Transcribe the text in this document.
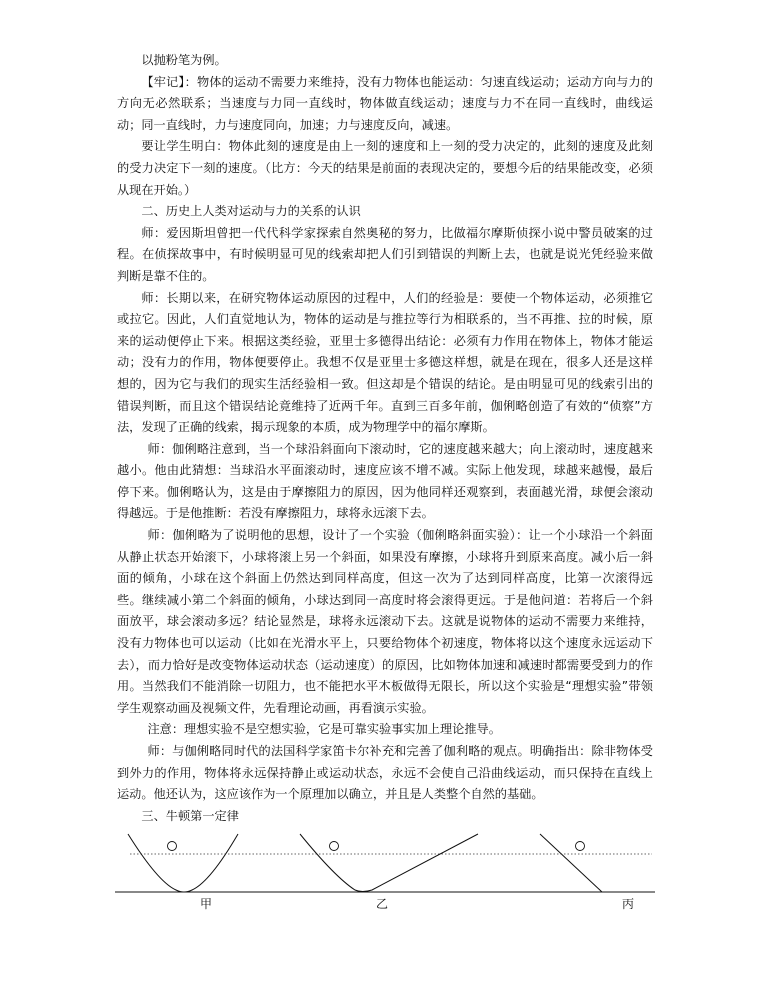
以抛粉笔为例。

【牢记】：物体的运动不需要力来维持，没有力物体也能运动：匀速直线运动；运动方向与力的方向无必然联系；当速度与力同一直线时，物体做直线运动；速度与力不在同一直线时，曲线运动；同一直线时，力与速度同向，加速；力与速度反向，减速。

要让学生明白：物体此刻的速度是由上一刻的速度和上一刻的受力决定的，此刻的速度及此刻的受力决定下一刻的速度。（比方：今天的结果是前面的表现决定的，要想今后的结果能改变，必须从现在开始。）

二、历史上人类对运动与力的关系的认识

师：爱因斯坦曾把一代代科学家探索自然奥秘的努力，比做福尔摩斯侦探小说中警员破案的过程。在侦探故事中，有时候明显可见的线索却把人们引到错误的判断上去，也就是说光凭经验来做判断是靠不住的。

师：长期以来，在研究物体运动原因的过程中，人们的经验是：要使一个物体运动，必须推它或拉它。因此，人们直觉地认为，物体的运动是与推拉等行为相联系的，当不再推、拉的时候，原来的运动便停止下来。根据这类经验，亚里士多德得出结论：必须有力作用在物体上，物体才能运动；没有力的作用，物体便要停止。我想不仅是亚里士多德这样想，就是在现在，很多人还是这样想的，因为它与我们的现实生活经验相一致。但这却是个错误的结论。是由明显可见的线索引出的错误判断，而且这个错误结论竟维持了近两千年。直到三百多年前，伽俐略创造了有效的“侦察”方法，发现了正确的线索，揭示现象的本质，成为物理学中的福尔摩斯。

师：伽俐略注意到，当一个球沿斜面向下滚动时，它的速度越来越大；向上滚动时，速度越来越小。他由此猜想：当球沿水平面滚动时，速度应该不增不减。实际上他发现，球越来越慢，最后停下来。伽俐略认为，这是由于摩擦阻力的原因，因为他同样还观察到，表面越光滑，球便会滚动得越远。于是他推断：若没有摩擦阻力，球将永远滚下去。

师：伽俐略为了说明他的思想，设计了一个实验（伽俐略斜面实验）：让一个小球沿一个斜面从静止状态开始滚下，小球将滚上另一个斜面，如果没有摩擦，小球将升到原来高度。减小后一斜面的倾角，小球在这个斜面上仍然达到同样高度，但这一次为了达到同样高度，比第一次滚得远些。继续减小第二个斜面的倾角，小球达到同一高度时将会滚得更远。于是他问道：若将后一个斜面放平，球会滚动多远？结论显然是，球将永远滚动下去。这就是说物体的运动不需要力来维持，没有力物体也可以运动（比如在光滑水平上，只要给物体个初速度，物体将以这个速度永远运动下去），而力恰好是改变物体运动状态（运动速度）的原因，比如物体加速和减速时都需要受到力的作用。当然我们不能消除一切阻力，也不能把水平木板做得无限长，所以这个实验是“理想实验”带领学生观察动画及视频文件，先看理论动画，再看演示实验。

注意：理想实验不是空想实验，它是可靠实验事实加上理论推导。

师：与伽俐略同时代的法国科学家笛卡尔补充和完善了伽利略的观点。明确指出：除非物体受到外力的作用，物体将永远保持静止或运动状态，永远不会使自己沿曲线运动，而只保持在直线上运动。他还认为，这应该作为一个原理加以确立，并且是人类整个自然的基础。

三、牛顿第一定律

甲	乙	丙
